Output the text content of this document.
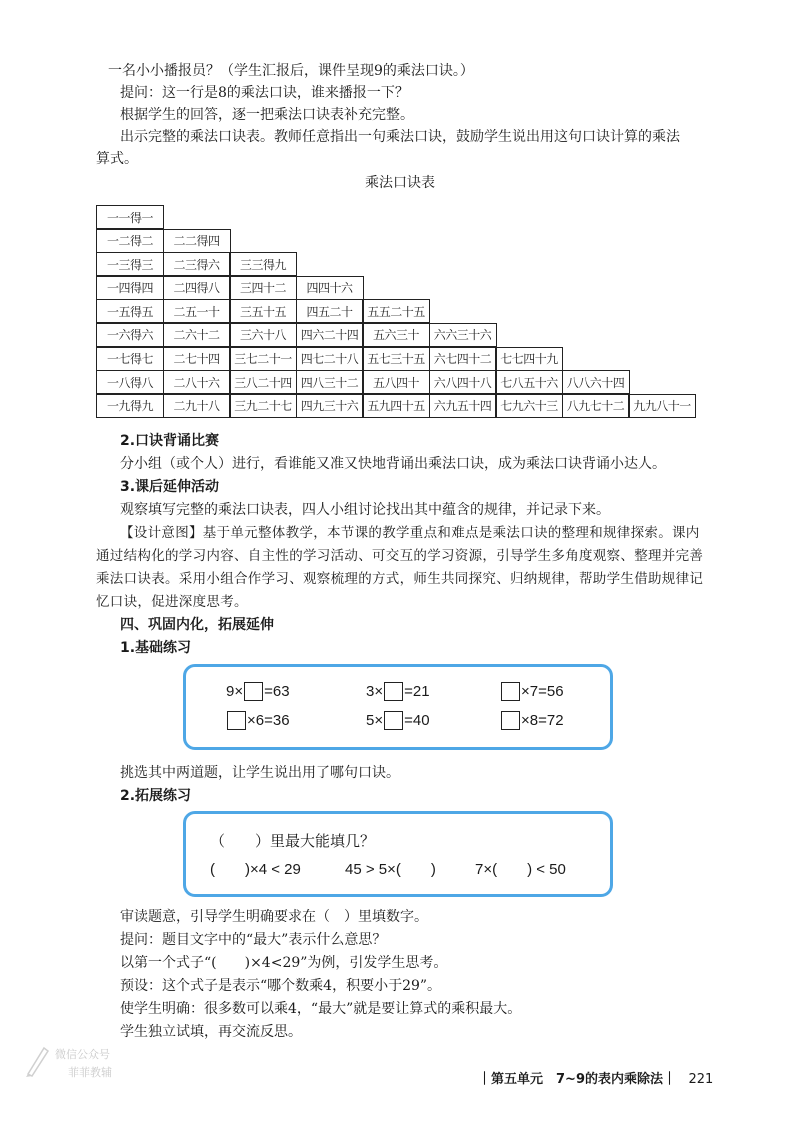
一名小小播报员？（学生汇报后，课件呈现9的乘法口诀。）
提问：这一行是8的乘法口诀，谁来播报一下？
根据学生的回答，逐一把乘法口诀表补充完整。
出示完整的乘法口诀表。教师任意指出一句乘法口诀，鼓励学生说出用这句口诀计算的乘法
算式。
乘法口诀表
一一得一
一二得二	二二得四
一三得三	二三得六	三三得九
一四得四	二四得八	三四十二	四四十六
一五得五	二五一十	三五十五	四五二十	五五二十五
一六得六	二六十二	三六十八	四六二十四	五六三十	六六三十六
一七得七	二七十四	三七二十一 四七二十八 五七三十五 六七四十二 七七四十九
一八得八	二八十六	三八二十四 四八三十二	五八四十	六八四十八 七八五十六 八八六十四
一九得九	二九十八	三九二十七 四九三十六 五九四十五 六九五十四 七九六十三 八九七十二 九九八十一
2.口诀背诵比赛
分小组（或个人）进行，看谁能又准又快地背诵出乘法口诀，成为乘法口诀背诵小达人。
3.课后延伸活动
观察填写完整的乘法口诀表，四人小组讨论找出其中蕴含的规律，并记录下来。
【设计意图】基于单元整体教学，本节课的教学重点和难点是乘法口诀的整理和规律探索。课内
通过结构化的学习内容、自主性的学习活动、可交互的学习资源，引导学生多角度观察、整理并完善
乘法口诀表。采用小组合作学习、观察梳理的方式，师生共同探究、归纳规律，帮助学生借助规律记
忆口诀，促进深度思考。
四、巩固内化，拓展延伸
1.基础练习
9× =63	3× =21	×7=56
×6=36	5× =40	×8=72
挑选其中两道题，让学生说出用了哪句口诀。
2.拓展练习
（　　）里最大能填几？
(　　)×4 < 29	45 > 5×(　　)	7×(　　) < 50
审读题意，引导学生明确要求在（　）里填数字。
提问：题目文字中的“最大”表示什么意思？
以第一个式子“(　　)×4<29”为例，引发学生思考。
预设：这个式子是表示“哪个数乘4，积要小于29”。
使学生明确：很多数可以乘4，“最大”就是要让算式的乘积最大。
学生独立试填，再交流反思。
微信公众号
菲菲教辅	｜第五单元　7~9的表内乘除法｜ 221
